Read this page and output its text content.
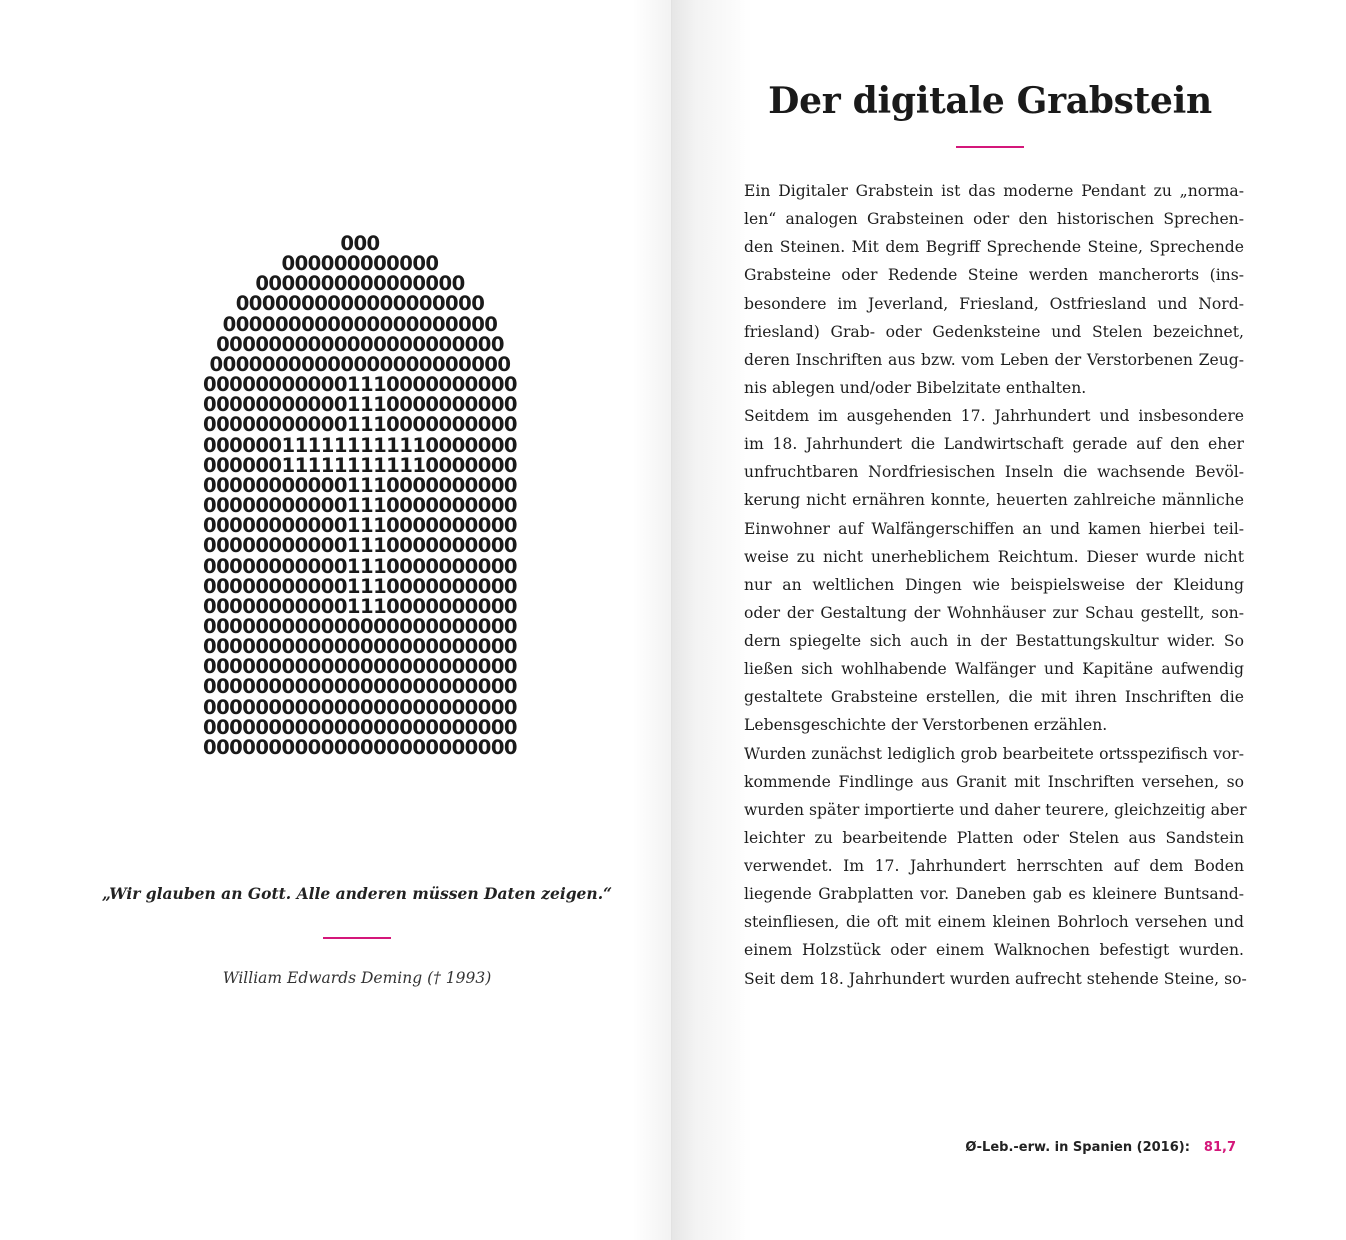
000
000000000000
0000000000000000
0000000000000000000
000000000000000000000
0000000000000000000000
00000000000000000000000
000000000001110000000000
000000000001110000000000
000000000001110000000000
000000111111111110000000
000000111111111110000000
000000000001110000000000
000000000001110000000000
000000000001110000000000
000000000001110000000000
000000000001110000000000
000000000001110000000000
000000000001110000000000
000000000000000000000000
000000000000000000000000
000000000000000000000000
000000000000000000000000
000000000000000000000000
000000000000000000000000
000000000000000000000000

„Wir glauben an Gott. Alle anderen müssen Daten zeigen.“

William Edwards Deming († 1993)

Der digitale Grabstein
Ein Digitaler Grabstein ist das moderne Pendant zu „norma-
len“ analogen Grabsteinen oder den historischen Sprechen-
den Steinen. Mit dem Begriff Sprechende Steine, Sprechende
Grabsteine oder Redende Steine werden mancherorts (ins-
besondere im Jeverland, Friesland, Ostfriesland und Nord-
friesland) Grab- oder Gedenksteine und Stelen bezeichnet,
deren Inschriften aus bzw. vom Leben der Verstorbenen Zeug-
nis ablegen und/oder Bibelzitate enthalten.
Seitdem im ausgehenden 17. Jahrhundert und insbesondere
im 18. Jahrhundert die Landwirtschaft gerade auf den eher
unfruchtbaren Nordfriesischen Inseln die wachsende Bevöl-
kerung nicht ernähren konnte, heuerten zahlreiche männliche
Einwohner auf Walfängerschiffen an und kamen hierbei teil-
weise zu nicht unerheblichem Reichtum. Dieser wurde nicht
nur an weltlichen Dingen wie beispielsweise der Kleidung
oder der Gestaltung der Wohnhäuser zur Schau gestellt, son-
dern spiegelte sich auch in der Bestattungskultur wider. So
ließen sich wohlhabende Walfänger und Kapitäne aufwendig
gestaltete Grabsteine erstellen, die mit ihren Inschriften die
Lebensgeschichte der Verstorbenen erzählen.
Wurden zunächst lediglich grob bearbeitete ortsspezifisch vor-
kommende Findlinge aus Granit mit Inschriften versehen, so
wurden später importierte und daher teurere, gleichzeitig aber
leichter zu bearbeitende Platten oder Stelen aus Sandstein
verwendet. Im 17. Jahrhundert herrschten auf dem Boden
liegende Grabplatten vor. Daneben gab es kleinere Buntsand-
steinfliesen, die oft mit einem kleinen Bohrloch versehen und
einem Holzstück oder einem Walknochen befestigt wurden.
Seit dem 18. Jahrhundert wurden aufrecht stehende Steine, so-
Ø-Leb.-erw. in Spanien (2016): 81,7
